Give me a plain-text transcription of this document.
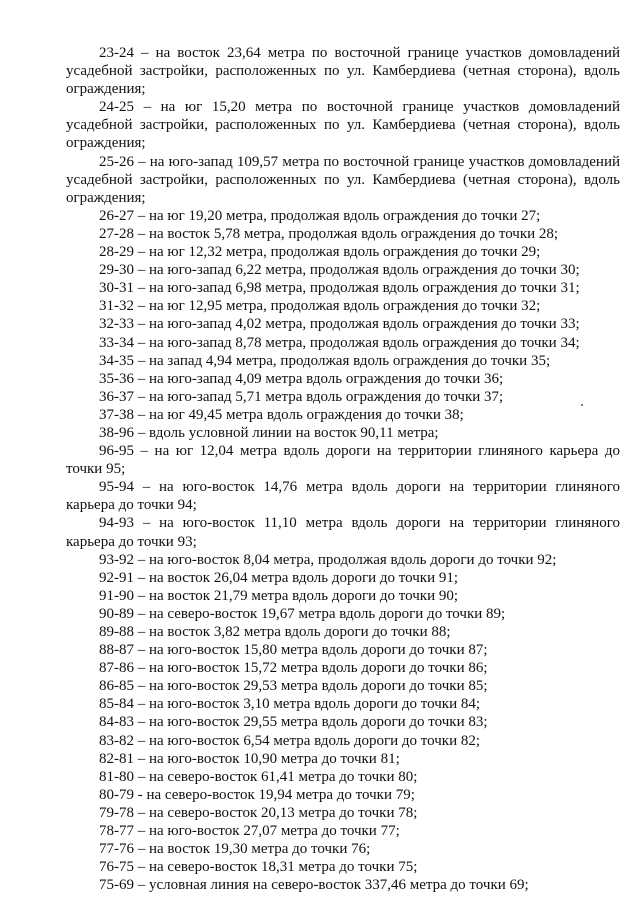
23-24 – на восток 23,64 метра по восточной границе участков домовладений усадебной застройки, расположенных по ул. Камбердиева (четная сторона), вдоль ограждения;

24-25 – на юг 15,20 метра по восточной границе участков домовладений усадебной застройки, расположенных по ул. Камбердиева (четная сторона), вдоль ограждения;

25-26 – на юго-запад 109,57 метра по восточной границе участков домовладений усадебной застройки, расположенных по ул. Камбердиева (четная сторона), вдоль ограждения;

26-27 – на юг 19,20 метра, продолжая вдоль ограждения до точки 27;

27-28 – на восток 5,78 метра, продолжая вдоль ограждения до точки 28;

28-29 – на юг 12,32 метра, продолжая вдоль ограждения до точки 29;

29-30 – на юго-запад 6,22 метра, продолжая вдоль ограждения до точки 30;

30-31 – на юго-запад 6,98 метра, продолжая вдоль ограждения до точки 31;

31-32 – на юг 12,95 метра, продолжая вдоль ограждения до точки 32;

32-33 – на юго-запад 4,02 метра, продолжая вдоль ограждения до точки 33;

33-34 – на юго-запад 8,78 метра, продолжая вдоль ограждения до точки 34;

34-35 – на запад 4,94 метра, продолжая вдоль ограждения до точки 35;

35-36 – на юго-запад 4,09 метра вдоль ограждения до точки 36;

36-37 – на юго-запад 5,71 метра вдоль ограждения до точки 37;

37-38 – на юг 49,45 метра вдоль ограждения до точки 38;

38-96 – вдоль условной линии на восток 90,11 метра;

96-95 – на юг 12,04 метра вдоль дороги на территории глиняного карьера до точки 95;

95-94 – на юго-восток 14,76 метра вдоль дороги на территории глиняного карьера до точки 94;

94-93 – на юго-восток 11,10 метра вдоль дороги на территории глиняного карьера до точки 93;

93-92 – на юго-восток 8,04 метра, продолжая вдоль дороги до точки 92;

92-91 – на восток 26,04 метра вдоль дороги до точки 91;

91-90 – на восток 21,79 метра вдоль дороги до точки 90;

90-89 – на северо-восток 19,67 метра вдоль дороги до точки 89;

89-88 – на восток 3,82 метра вдоль дороги до точки 88;

88-87 – на юго-восток 15,80 метра вдоль дороги до точки 87;

87-86 – на юго-восток 15,72 метра вдоль дороги до точки 86;

86-85 – на юго-восток 29,53 метра вдоль дороги до точки 85;

85-84 – на юго-восток 3,10 метра вдоль дороги до точки 84;

84-83 – на юго-восток 29,55 метра вдоль дороги до точки 83;

83-82 – на юго-восток 6,54 метра вдоль дороги до точки 82;

82-81 – на юго-восток 10,90 метра до точки 81;

81-80 – на северо-восток 61,41 метра до точки 80;

80-79 - на северо-восток 19,94 метра до точки 79;

79-78 – на северо-восток 20,13 метра до точки 78;

78-77 – на юго-восток 27,07 метра до точки 77;

77-76 – на восток 19,30 метра до точки 76;

76-75 – на северо-восток 18,31 метра до точки 75;

75-69 – условная линия на северо-восток 337,46 метра до точки 69;
